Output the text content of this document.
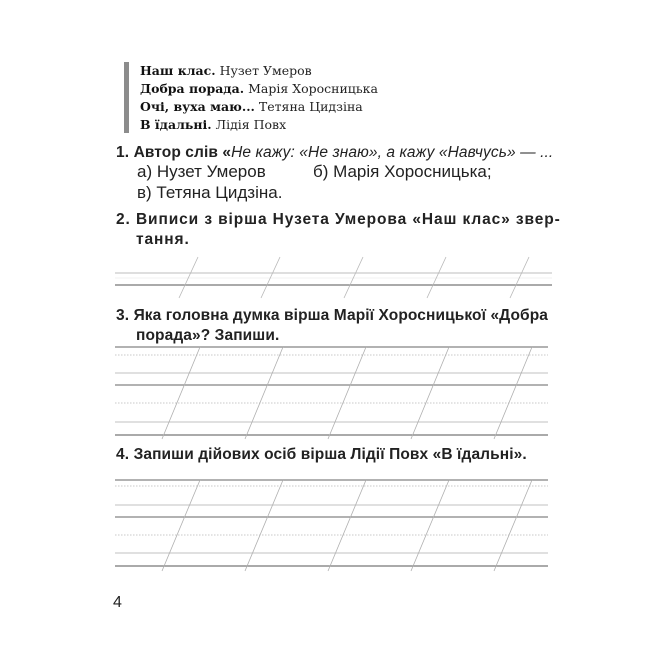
Наш клас. Нузет Умеров
Добра порада. Марія Хоросницька
Очі, вуха маю... Тетяна Цидзіна
В їдальні. Лідія Повх
1. Автор слів «Не кажу: «Не знаю», а кажу «Навчусь» — ...
а) Нузет Умеров	б) Марія Хоросницька;
в) Тетяна Цидзіна.
2. Виписи з вірша Нузета Умерова «Наш клас» звер-
тання.
3. Яка головна думка вірша Марії Хоросницької «Добра
порада»? Запиши.
4. Запиши дійових осіб вірша Лідії Повх «В їдальні».
4
